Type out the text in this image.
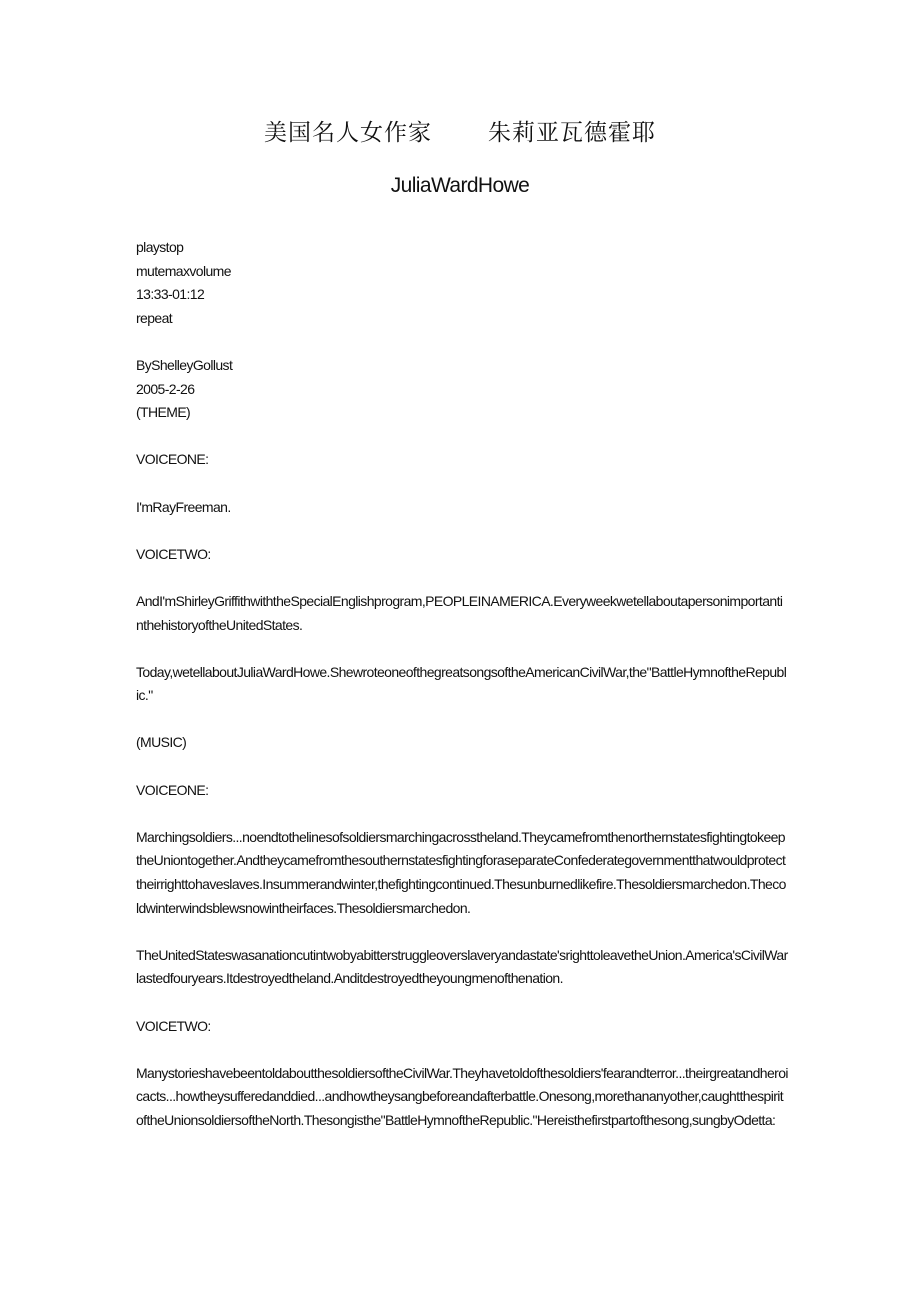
美国名人女作家 朱莉亚瓦德霍耶
JuliaWardHowe

playstop

mutemaxvolume

13:33-01:12

repeat

ByShelleyGollust

2005-2-26

(THEME)

VOICEONE:

I'mRayFreeman.

VOICETWO:

AndI'mShirleyGriffithwiththeSpecialEnglishprogram,PEOPLEINAMERICA.EveryweekwetellaboutapersonimportantinthehistoryoftheUnitedStates.

Today,wetellaboutJuliaWardHowe.ShewroteoneofthegreatsongsoftheAmericanCivilWar,the"BattleHymnoftheRepublic."

(MUSIC)

VOICEONE:

Marchingsoldiers...noendtothelinesofsoldiersmarchingacrosstheland.TheycamefromthenorthernstatesfightingtokeeptheUniontogether.AndtheycamefromthesouthernstatesfightingforaseparateConfederategovernmentthatwouldprotecttheirrighttohaveslaves.Insummerandwinter,thefightingcontinued.Thesunburnedlikefire.Thesoldiersmarchedon.Thecoldwinterwindsblewsnowintheirfaces.Thesoldiersmarchedon.

TheUnitedStateswasanationcutintwobyabitterstruggleoverslaveryandastate'srighttoleavetheUnion.America'sCivilWarlastedfouryears.Itdestroyedtheland.Anditdestroyedtheyoungmenofthenation.

VOICETWO:

ManystorieshavebeentoldaboutthesoldiersoftheCivilWar.Theyhavetoldofthesoldiers'fearandterror...theirgreatandheroicacts...howtheysufferedanddied...andhowtheysangbeforeandafterbattle.Onesong,morethananyother,caughtthespiritoftheUnionsoldiersoftheNorth.Thesongisthe"BattleHymnoftheRepublic."Hereisthefirstpartofthesong,sungbyOdetta:
